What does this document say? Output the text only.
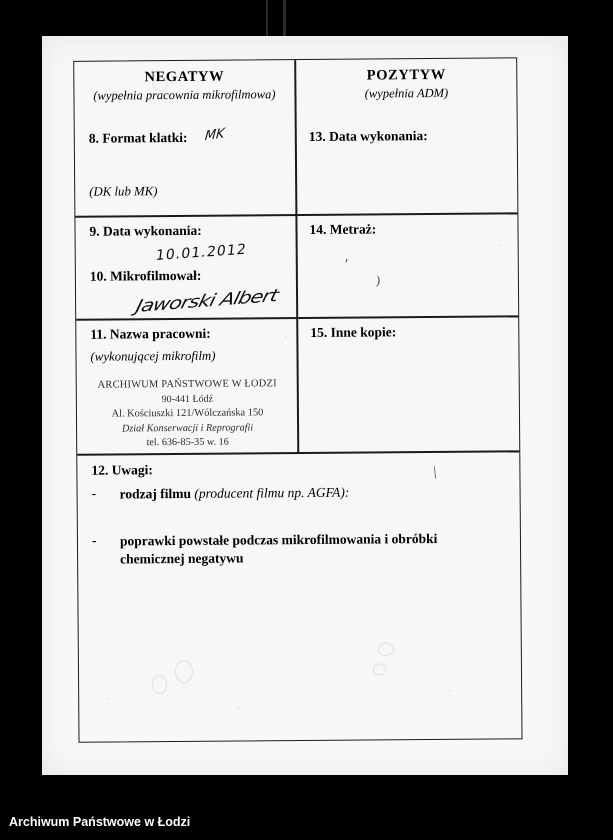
NEGATYW
(wypełnia pracownia mikrofilmowa)
POZYTYW
(wypełnia ADM)
8. Format klatki:	MK
(DK lub MK)
13. Data wykonania:
9. Data wykonania:
10.01.2012
10. Mikrofilmował:
Jaworski Albert
14. Metraż:
'
)
11. Nazwa pracowni:
(wykonującej mikrofilm)
ARCHIWUM PAŃSTWOWE W ŁODZI
90-441 Łódź
Al. Kościuszki 121/Wólczańska 150
Dział Konserwacji i Reprografii
tel. 636-85-35 w. 16
15. Inne kopie:
12. Uwagi:
- rodzaj filmu (producent filmu np. AGFA):
- poprawki powstałe podczas mikrofilmowania i obróbki chemicznej negatywu
\
Archiwum Państwowe w Łodzi
